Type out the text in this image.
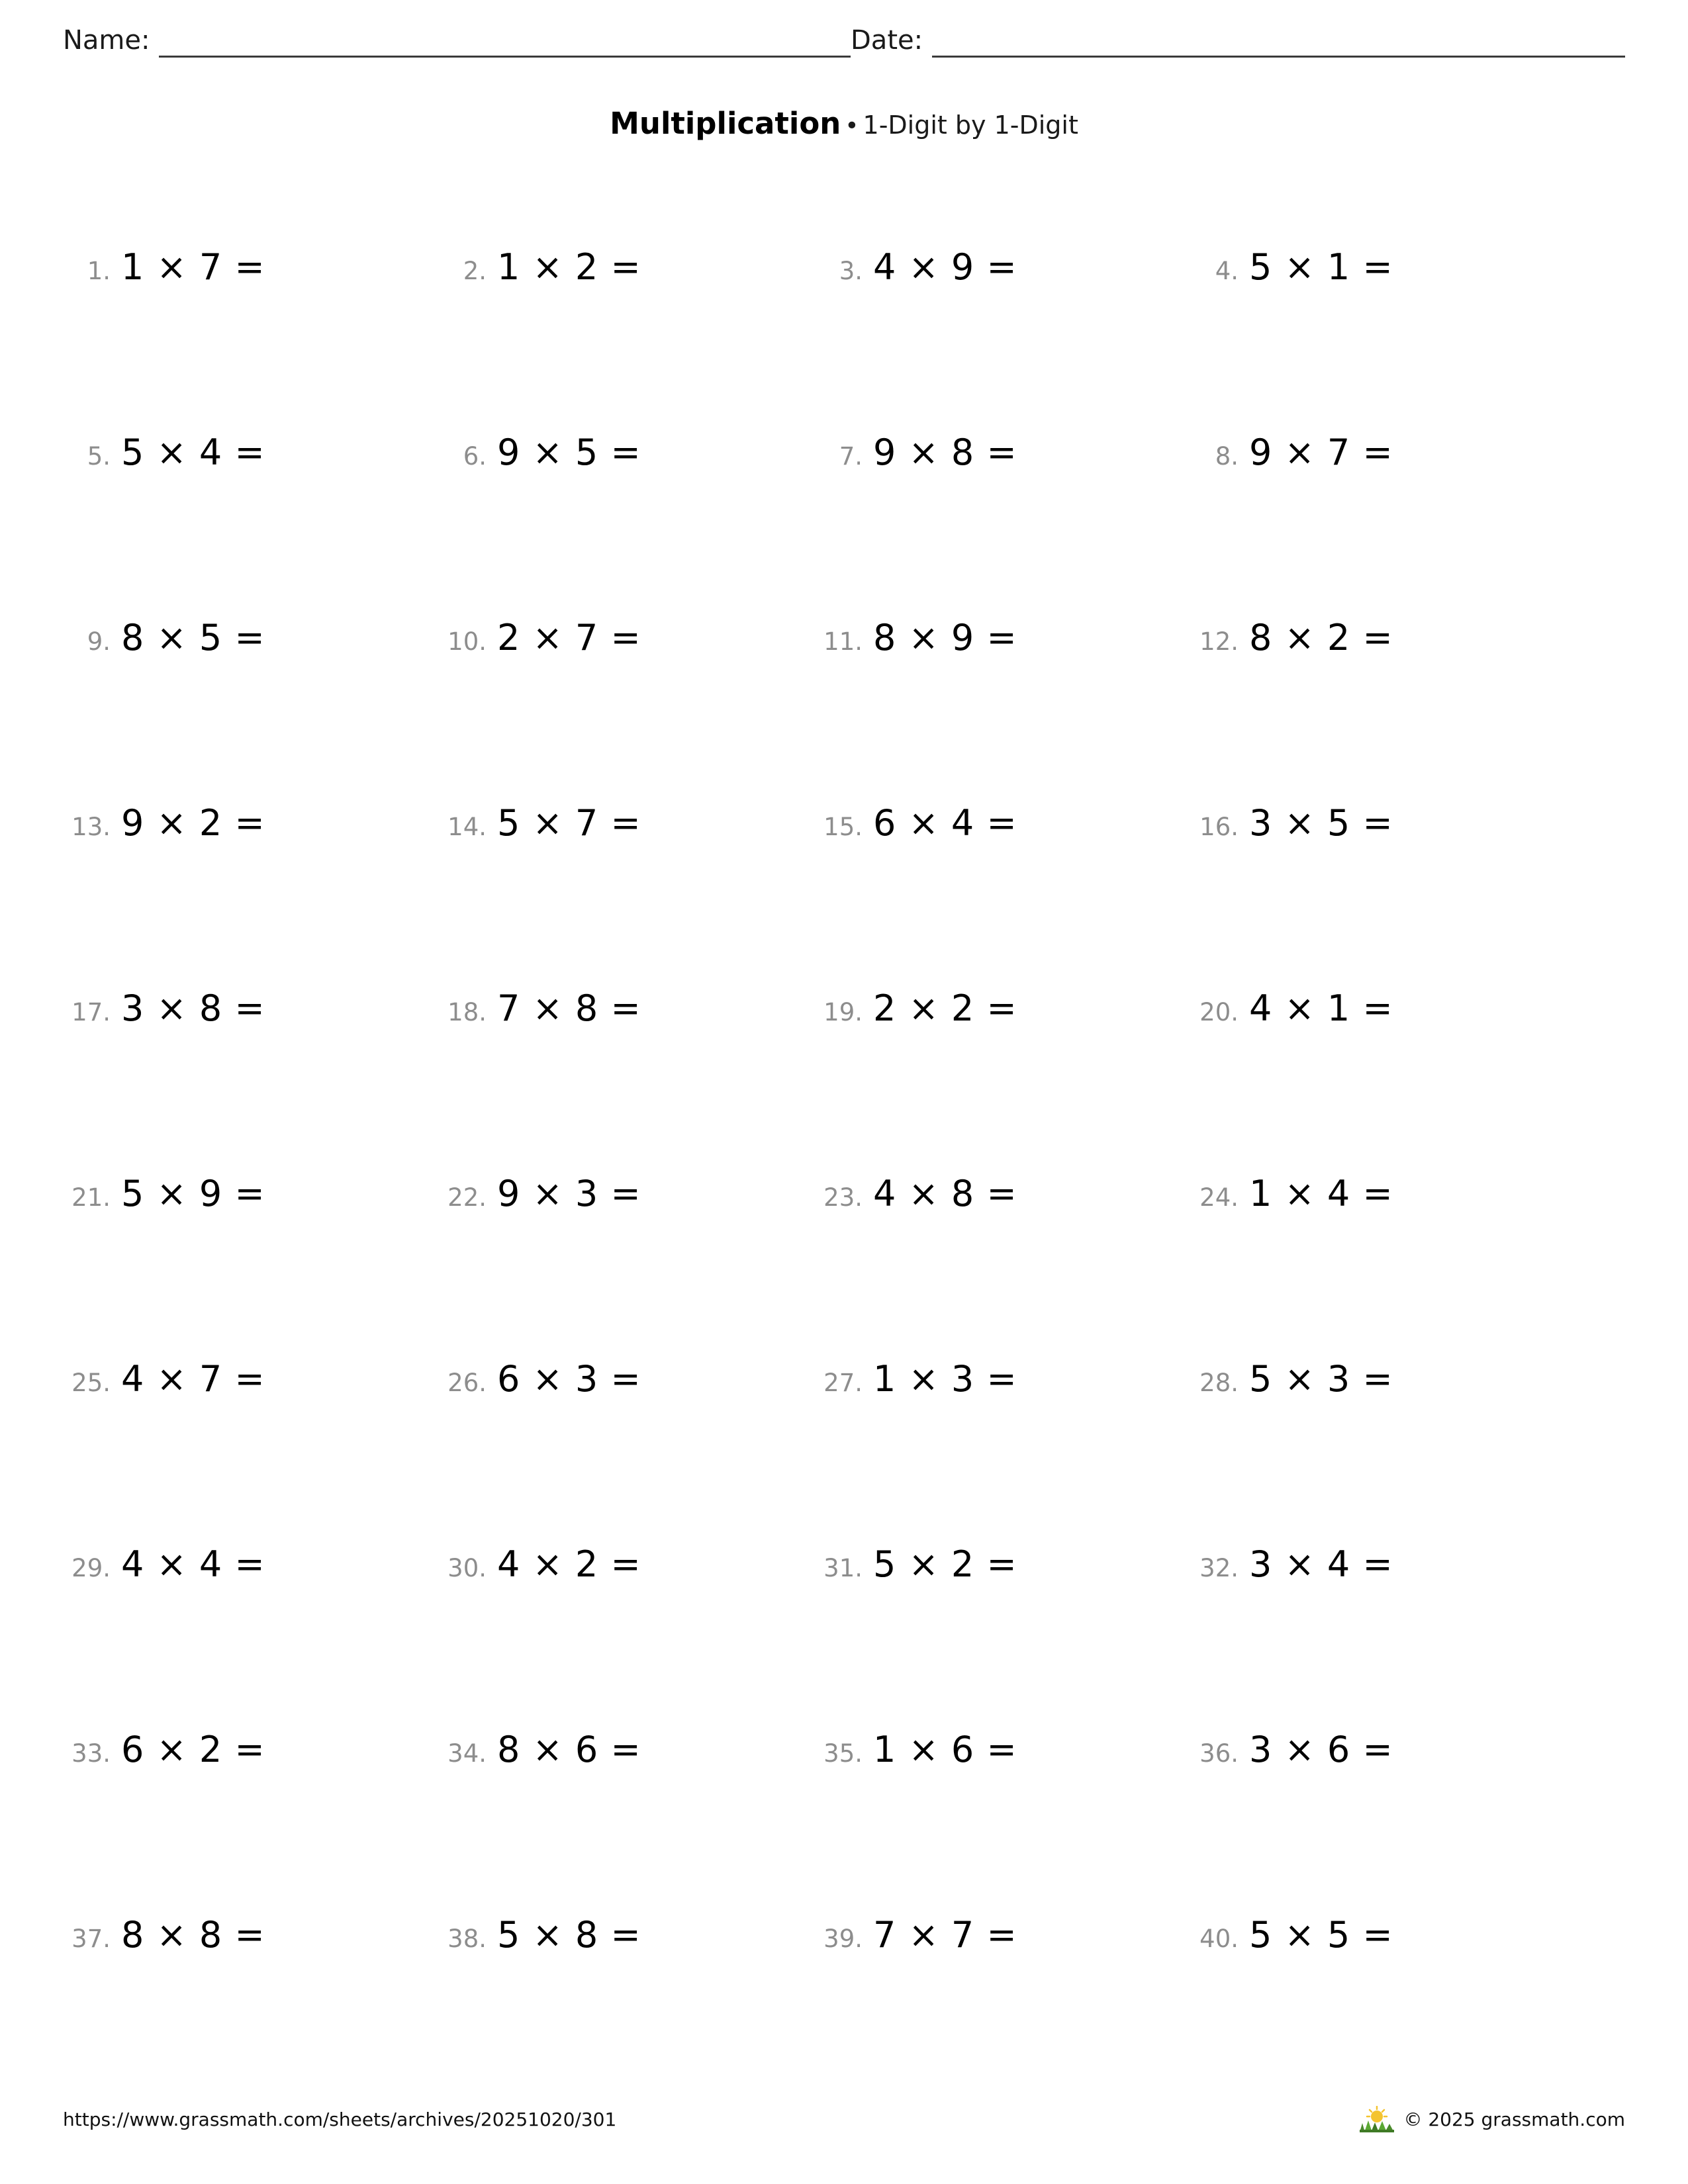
Name:	Date:
Multiplication • 1-Digit by 1-Digit
1. 1 × 7 =	2. 1 × 2 =	3. 4 × 9 =	4. 5 × 1 =
5. 5 × 4 =	6. 9 × 5 =	7. 9 × 8 =	8. 9 × 7 =
9. 8 × 5 =	10. 2 × 7 =	11. 8 × 9 =	12. 8 × 2 =
13. 9 × 2 =	14. 5 × 7 =	15. 6 × 4 =	16. 3 × 5 =
17. 3 × 8 =	18. 7 × 8 =	19. 2 × 2 =	20. 4 × 1 =
21. 5 × 9 =	22. 9 × 3 =	23. 4 × 8 =	24. 1 × 4 =
25. 4 × 7 =	26. 6 × 3 =	27. 1 × 3 =	28. 5 × 3 =
29. 4 × 4 =	30. 4 × 2 =	31. 5 × 2 =	32. 3 × 4 =
33. 6 × 2 =	34. 8 × 6 =	35. 1 × 6 =	36. 3 × 6 =
37. 8 × 8 =	38. 5 × 8 =	39. 7 × 7 =	40. 5 × 5 =
https://www.grassmath.com/sheets/archives/20251020/301	© 2025 grassmath.com
